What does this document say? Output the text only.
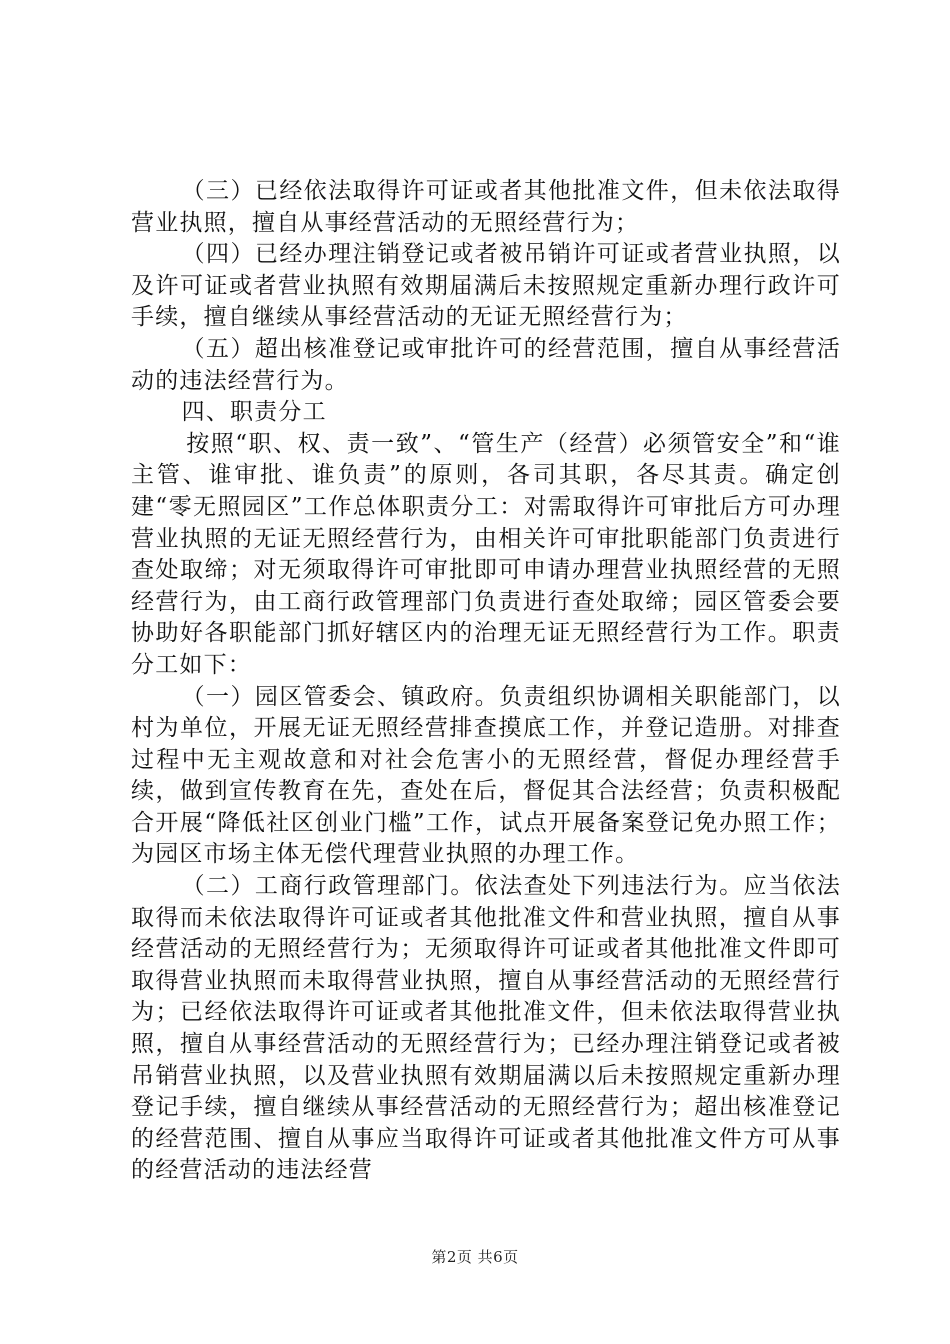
（三）已经依法取得许可证或者其他批准文件，但未依法取得营业执照，擅自从事经营活动的无照经营行为；

（四）已经办理注销登记或者被吊销许可证或者营业执照，以及许可证或者营业执照有效期届满后未按照规定重新办理行政许可手续，擅自继续从事经营活动的无证无照经营行为；

（五）超出核准登记或审批许可的经营范围，擅自从事经营活动的违法经营行为。

四、职责分工

按照“职、权、责一致”、“管生产（经营）必须管安全”和“谁主管、谁审批、谁负责”的原则，各司其职，各尽其责。确定创建“零无照园区”工作总体职责分工：对需取得许可审批后方可办理营业执照的无证无照经营行为，由相关许可审批职能部门负责进行查处取缔；对无须取得许可审批即可申请办理营业执照经营的无照经营行为，由工商行政管理部门负责进行查处取缔；园区管委会要协助好各职能部门抓好辖区内的治理无证无照经营行为工作。职责分工如下：

（一）园区管委会、镇政府。负责组织协调相关职能部门，以村为单位，开展无证无照经营排查摸底工作，并登记造册。对排查过程中无主观故意和对社会危害小的无照经营，督促办理经营手续，做到宣传教育在先，查处在后，督促其合法经营；负责积极配合开展“降低社区创业门槛”工作，试点开展备案登记免办照工作；为园区市场主体无偿代理营业执照的办理工作。

（二）工商行政管理部门。依法查处下列违法行为。应当依法取得而未依法取得许可证或者其他批准文件和营业执照，擅自从事经营活动的无照经营行为；无须取得许可证或者其他批准文件即可取得营业执照而未取得营业执照，擅自从事经营活动的无照经营行为；已经依法取得许可证或者其他批准文件，但未依法取得营业执照，擅自从事经营活动的无照经营行为；已经办理注销登记或者被吊销营业执照，以及营业执照有效期届满以后未按照规定重新办理登记手续，擅自继续从事经营活动的无照经营行为；超出核准登记的经营范围、擅自从事应当取得许可证或者其他批准文件方可从事的经营活动的违法经营

第2页 共6页
